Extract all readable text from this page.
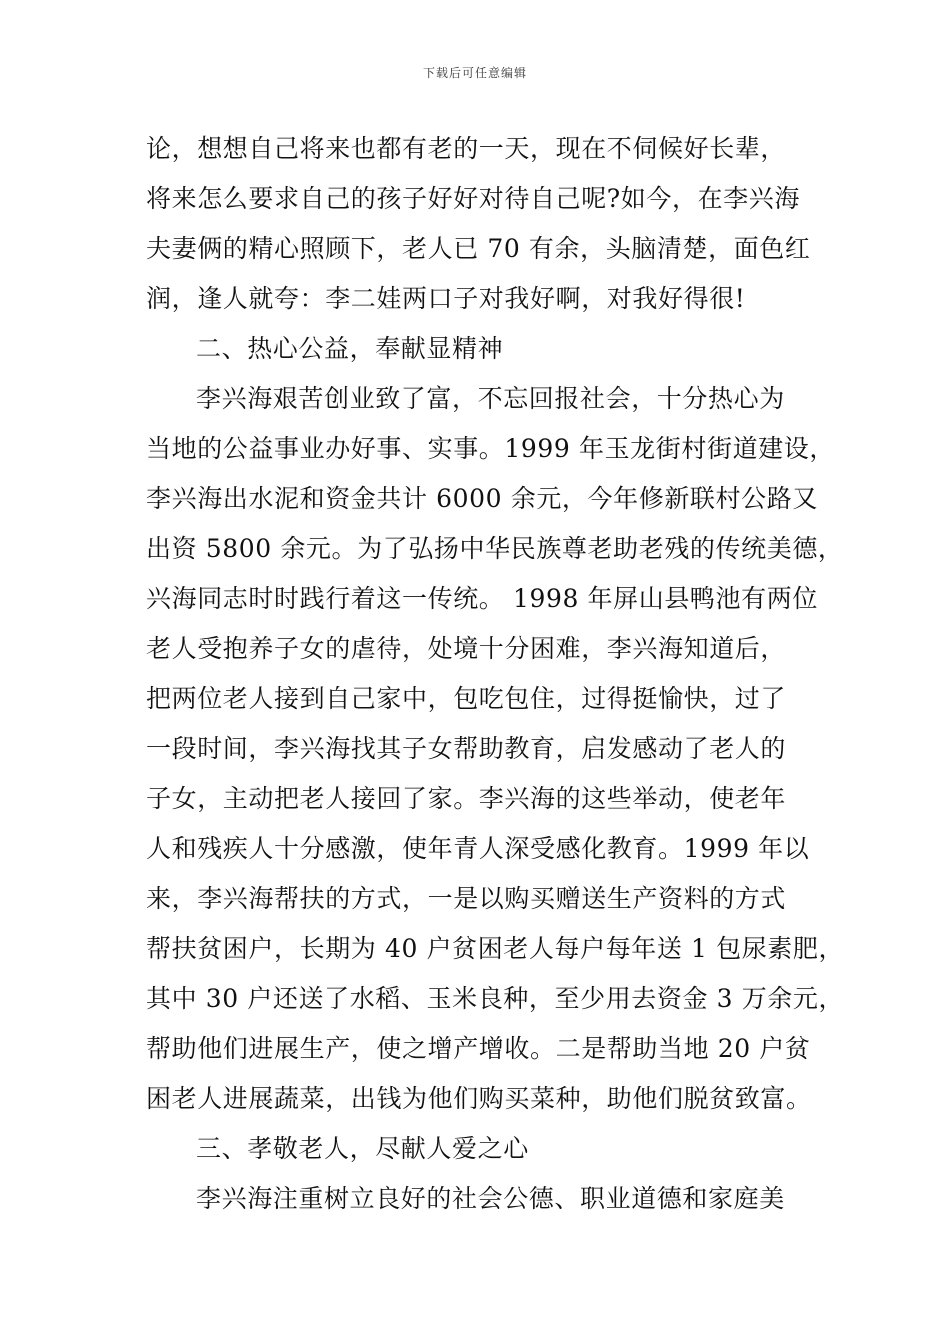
下载后可任意编辑
论，想想自己将来也都有老的一天，现在不伺候好长辈，
将来怎么要求自己的孩子好好对待自己呢?如今，在李兴海
夫妻俩的精心照顾下，老人已 70 有余，头脑清楚，面色红
润，逢人就夸：李二娃两口子对我好啊，对我好得很!
二、热心公益，奉献显精神
李兴海艰苦创业致了富，不忘回报社会，十分热心为
当地的公益事业办好事、实事。1999 年玉龙街村街道建设，
李兴海出水泥和资金共计 6000 余元，今年修新联村公路又
出资 5800 余元。为了弘扬中华民族尊老助老残的传统美德，
兴海同志时时践行着这一传统。 1998 年屏山县鸭池有两位
老人受抱养子女的虐待，处境十分困难，李兴海知道后，
把两位老人接到自己家中，包吃包住，过得挺愉快，过了
一段时间，李兴海找其子女帮助教育，启发感动了老人的
子女，主动把老人接回了家。李兴海的这些举动，使老年
人和残疾人十分感激，使年青人深受感化教育。1999 年以
来，李兴海帮扶的方式，一是以购买赠送生产资料的方式
帮扶贫困户，长期为 40 户贫困老人每户每年送 1 包尿素肥，
其中 30 户还送了水稻、玉米良种，至少用去资金 3 万余元，
帮助他们进展生产，使之增产增收。二是帮助当地 20 户贫
困老人进展蔬菜，出钱为他们购买菜种，助他们脱贫致富。
三、孝敬老人，尽献人爱之心
李兴海注重树立良好的社会公德、职业道德和家庭美
